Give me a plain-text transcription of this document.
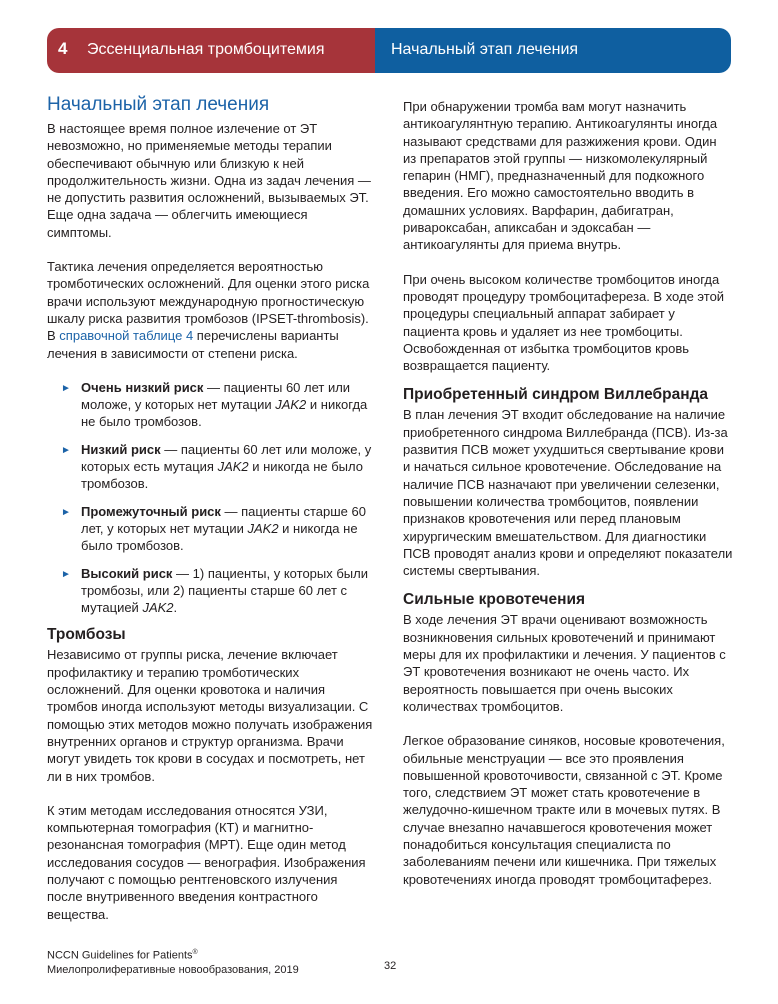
4 Эссенциальная тромбоцитемия	Начальный этап лечения
Начальный этап лечения

В настоящее время полное излечение от ЭТ невозможно, но применяемые методы терапии обеспечивают обычную или близкую к ней продолжительность жизни. Одна из задач лечения — не допустить развития осложнений, вызываемых ЭТ. Еще одна задача — облегчить имеющиеся симптомы.

Тактика лечения определяется вероятностью тромботических осложнений. Для оценки этого риска врачи используют международную прогностическую шкалу риска развития тромбозов (IPSET-thrombosis). В справочной таблице 4 перечислены варианты лечения в зависимости от степени риска.

► Очень низкий риск — пациенты 60 лет или моложе, у которых нет мутации JAK2 и никогда не было тромбозов.
► Низкий риск — пациенты 60 лет или моложе, у которых есть мутация JAK2 и никогда не было тромбозов.
► Промежуточный риск — пациенты старше 60 лет, у которых нет мутации JAK2 и никогда не было тромбозов.
► Высокий риск — 1) пациенты, у которых были тромбозы, или 2) пациенты старше 60 лет с мутацией JAK2.
Тромбозы

Независимо от группы риска, лечение включает профилактику и терапию тромботических осложнений. Для оценки кровотока и наличия тромбов иногда используют методы визуализации. С помощью этих методов можно получать изображения внутренних органов и структур организма. Врачи могут увидеть ток крови в сосудах и посмотреть, нет ли в них тромбов.

К этим методам исследования относятся УЗИ, компьютерная томография (КТ) и магнитно-резонансная томография (МРТ). Еще один метод исследования сосудов — венография. Изображения получают с помощью рентгеновского излучения после внутривенного введения контрастного вещества.

При обнаружении тромба вам могут назначить антикоагулянтную терапию. Антикоагулянты иногда называют средствами для разжижения крови. Один из препаратов этой группы — низкомолекулярный гепарин (НМГ), предназначенный для подкожного введения. Его можно самостоятельно вводить в домашних условиях. Варфарин, дабигатран, ривароксабан, апиксабан и эдоксабан — антикоагулянты для приема внутрь.

При очень высоком количестве тромбоцитов иногда проводят процедуру тромбоцитафереза. В ходе этой процедуры специальный аппарат забирает у пациента кровь и удаляет из нее тромбоциты. Освобожденная от избытка тромбоцитов кровь возвращается пациенту.

Приобретенный синдром Виллебранда

В план лечения ЭТ входит обследование на наличие приобретенного синдрома Виллебранда (ПСВ). Из-за развития ПСВ может ухудшиться свертывание крови и начаться сильное кровотечение. Обследование на наличие ПСВ назначают при увеличении селезенки, повышении количества тромбоцитов, появлении признаков кровотечения или перед плановым хирургическим вмешательством. Для диагностики ПСВ проводят анализ крови и определяют показатели системы свертывания.

Сильные кровотечения

В ходе лечения ЭТ врачи оценивают возможность возникновения сильных кровотечений и принимают меры для их профилактики и лечения. У пациентов с ЭТ кровотечения возникают не очень часто. Их вероятность повышается при очень высоких количествах тромбоцитов.

Легкое образование синяков, носовые кровотечения, обильные менструации — все это проявления повышенной кровоточивости, связанной с ЭТ. Кроме того, следствием ЭТ может стать кровотечение в желудочно-кишечном тракте или в мочевых путях. В случае внезапно начавшегося кровотечения может понадобиться консультация специалиста по заболеваниям печени или кишечника. При тяжелых кровотечениях иногда проводят тромбоцитаферез.

NCCN Guidelines for Patients®
Миелопролиферативные новообразования, 2019	32
